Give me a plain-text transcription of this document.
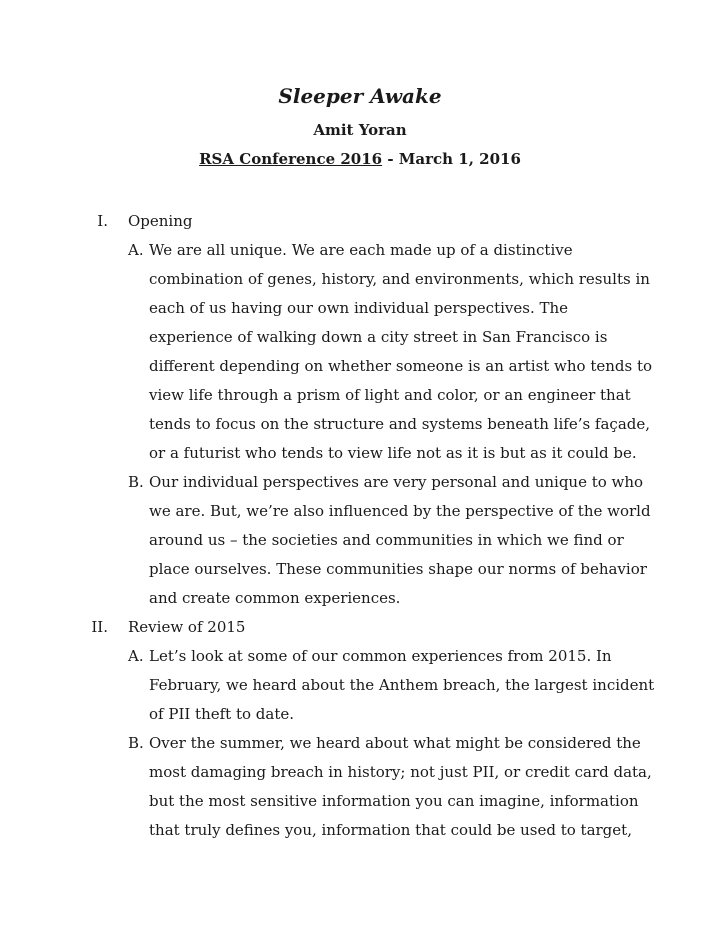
Sleeper Awake
Amit Yoran
RSA Conference 2016 - March 1, 2016
I. Opening
A. We are all unique. We are each made up of a distinctive
combination of genes, history, and environments, which results in
each of us having our own individual perspectives. The
experience of walking down a city street in San Francisco is
different depending on whether someone is an artist who tends to
view life through a prism of light and color, or an engineer that
tends to focus on the structure and systems beneath life’s façade,
or a futurist who tends to view life not as it is but as it could be.
B. Our individual perspectives are very personal and unique to who
we are. But, we’re also influenced by the perspective of the world
around us – the societies and communities in which we find or
place ourselves. These communities shape our norms of behavior
and create common experiences.
II. Review of 2015
A. Let’s look at some of our common experiences from 2015. In
February, we heard about the Anthem breach, the largest incident
of PII theft to date.
B. Over the summer, we heard about what might be considered the
most damaging breach in history; not just PII, or credit card data,
but the most sensitive information you can imagine, information
that truly defines you, information that could be used to target,
